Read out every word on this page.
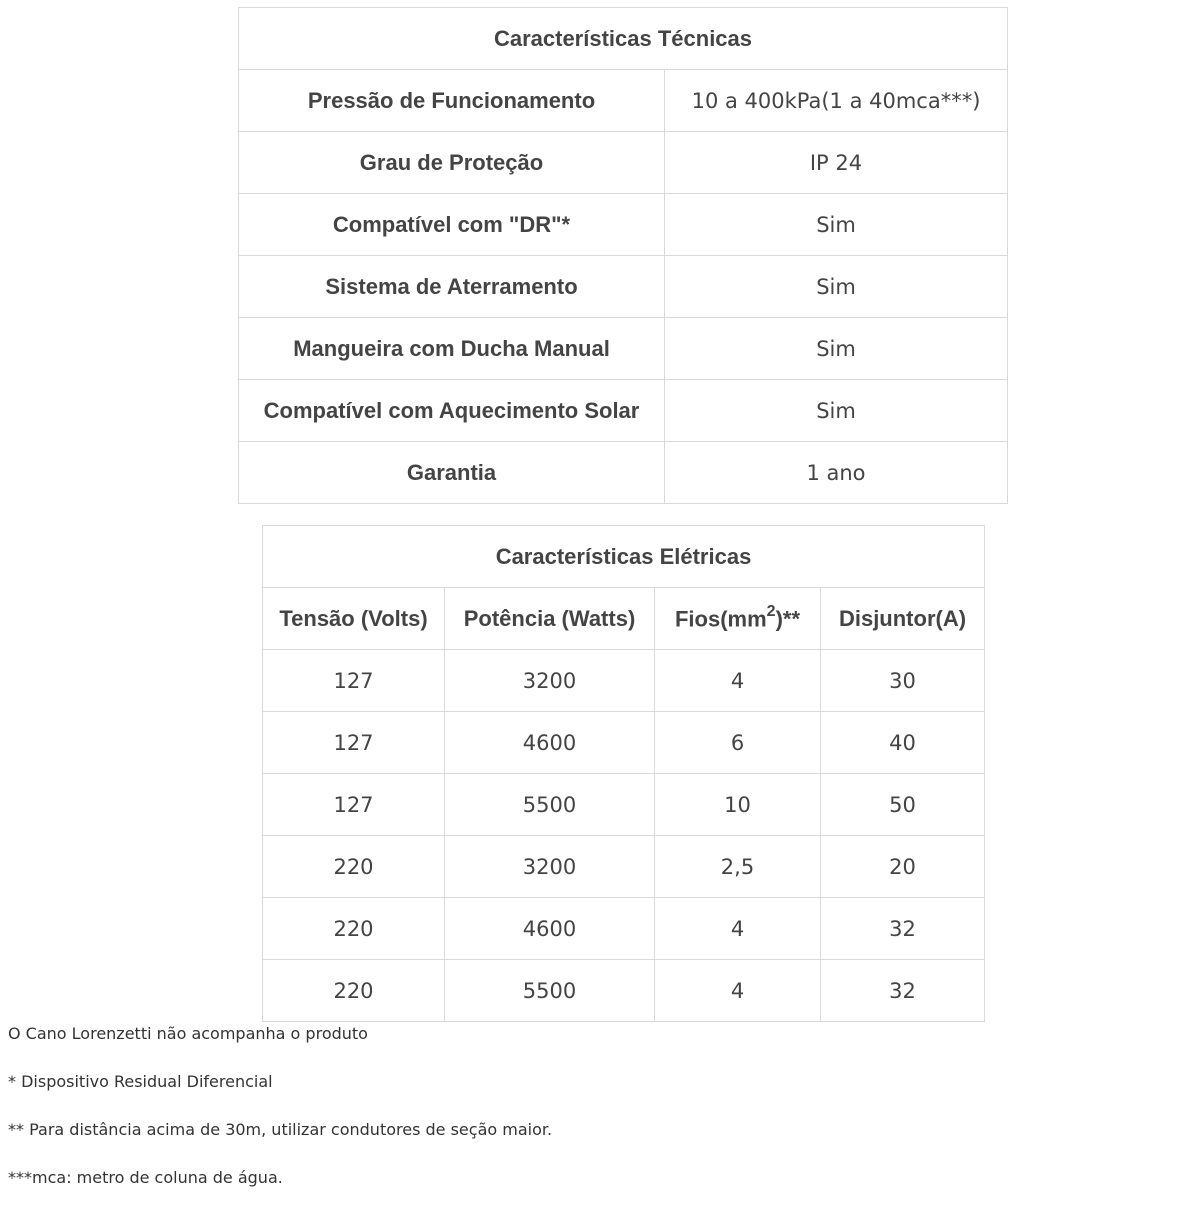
Características Técnicas	
Pressão de Funcionamento	10 a 400kPa(1 a 40mca***)
Grau de Proteção	IP 24
Compatível com "DR"*	Sim
Sistema de Aterramento	Sim
Mangueira com Ducha Manual	Sim
Compatível com Aquecimento Solar	Sim
Garantia	1 ano
Características Elétricas			
Tensão (Volts)	Potência (Watts)	$Fios(mm^2)**$	Disjuntor(A)
127	3200	4	30
127	4600	6	40
127	5500	10	50
220	3200	2,5	20
220	4600	4	32
220	5500	4	32

O Cano Lorenzetti não acompanha o produto

* Dispositivo Residual Diferencial

** Para distância acima de 30m, utilizar condutores de seção maior.

***mca: metro de coluna de água.
